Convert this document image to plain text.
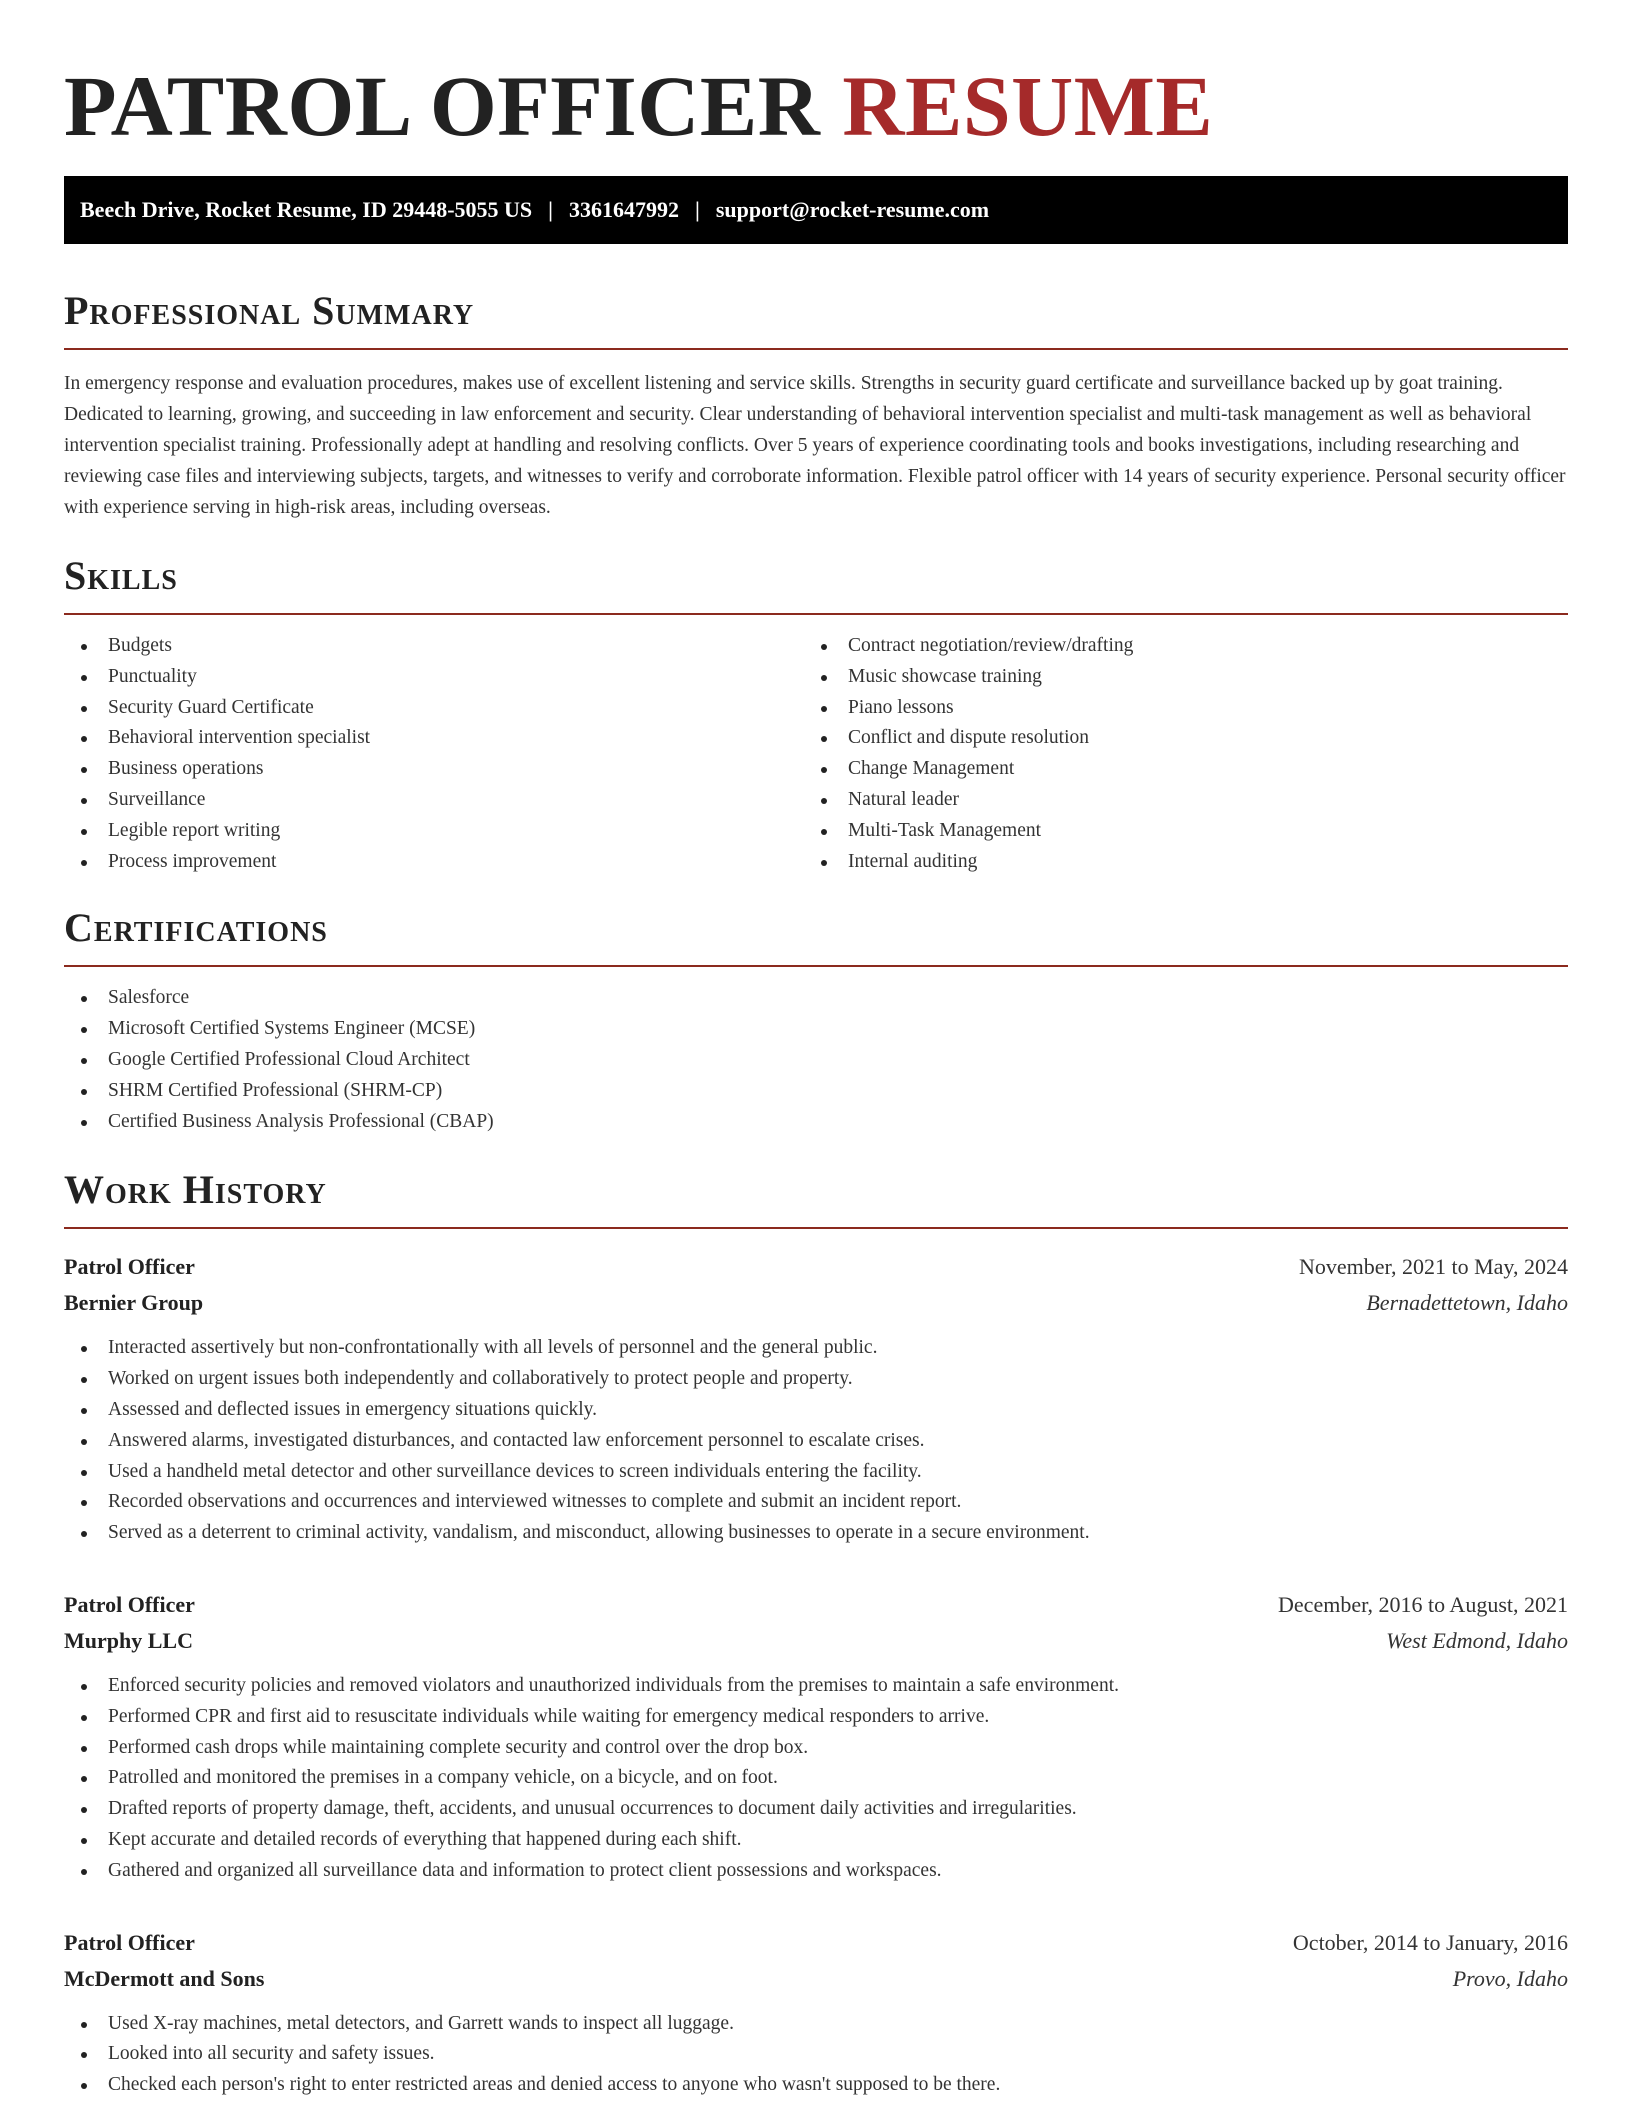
PATROL OFFICER RESUME
Beech Drive, Rocket Resume, ID 29448-5055 US | 3361647992 | support@rocket-resume.com
Professional Summary

In emergency response and evaluation procedures, makes use of excellent listening and service skills. Strengths in security guard certificate and surveillance backed up by goat training. Dedicated to learning, growing, and succeeding in law enforcement and security. Clear understanding of behavioral intervention specialist and multi-task management as well as behavioral intervention specialist training. Professionally adept at handling and resolving conflicts. Over 5 years of experience coordinating tools and books investigations, including researching and reviewing case files and interviewing subjects, targets, and witnesses to verify and corroborate information. Flexible patrol officer with 14 years of security experience. Personal security officer with experience serving in high-risk areas, including overseas.

Skills
Budgets
Punctuality
Security Guard Certificate
Behavioral intervention specialist
Business operations
Surveillance
Legible report writing
Process improvement
Contract negotiation/review/drafting
Music showcase training
Piano lessons
Conflict and dispute resolution
Change Management
Natural leader
Multi-Task Management
Internal auditing
Certifications
Salesforce
Microsoft Certified Systems Engineer (MCSE)
Google Certified Professional Cloud Architect
SHRM Certified Professional (SHRM-CP)
Certified Business Analysis Professional (CBAP)
Work History
Patrol Officer	November, 2021 to May, 2024
Bernier Group	Bernadettetown, Idaho
Interacted assertively but non-confrontationally with all levels of personnel and the general public.
Worked on urgent issues both independently and collaboratively to protect people and property.
Assessed and deflected issues in emergency situations quickly.
Answered alarms, investigated disturbances, and contacted law enforcement personnel to escalate crises.
Used a handheld metal detector and other surveillance devices to screen individuals entering the facility.
Recorded observations and occurrences and interviewed witnesses to complete and submit an incident report.
Served as a deterrent to criminal activity, vandalism, and misconduct, allowing businesses to operate in a secure environment.
Patrol Officer	December, 2016 to August, 2021
Murphy LLC	West Edmond, Idaho
Enforced security policies and removed violators and unauthorized individuals from the premises to maintain a safe environment.
Performed CPR and first aid to resuscitate individuals while waiting for emergency medical responders to arrive.
Performed cash drops while maintaining complete security and control over the drop box.
Patrolled and monitored the premises in a company vehicle, on a bicycle, and on foot.
Drafted reports of property damage, theft, accidents, and unusual occurrences to document daily activities and irregularities.
Kept accurate and detailed records of everything that happened during each shift.
Gathered and organized all surveillance data and information to protect client possessions and workspaces.
Patrol Officer	October, 2014 to January, 2016
McDermott and Sons	Provo, Idaho
Used X-ray machines, metal detectors, and Garrett wands to inspect all luggage.
Looked into all security and safety issues.
Checked each person's right to enter restricted areas and denied access to anyone who wasn't supposed to be there.
